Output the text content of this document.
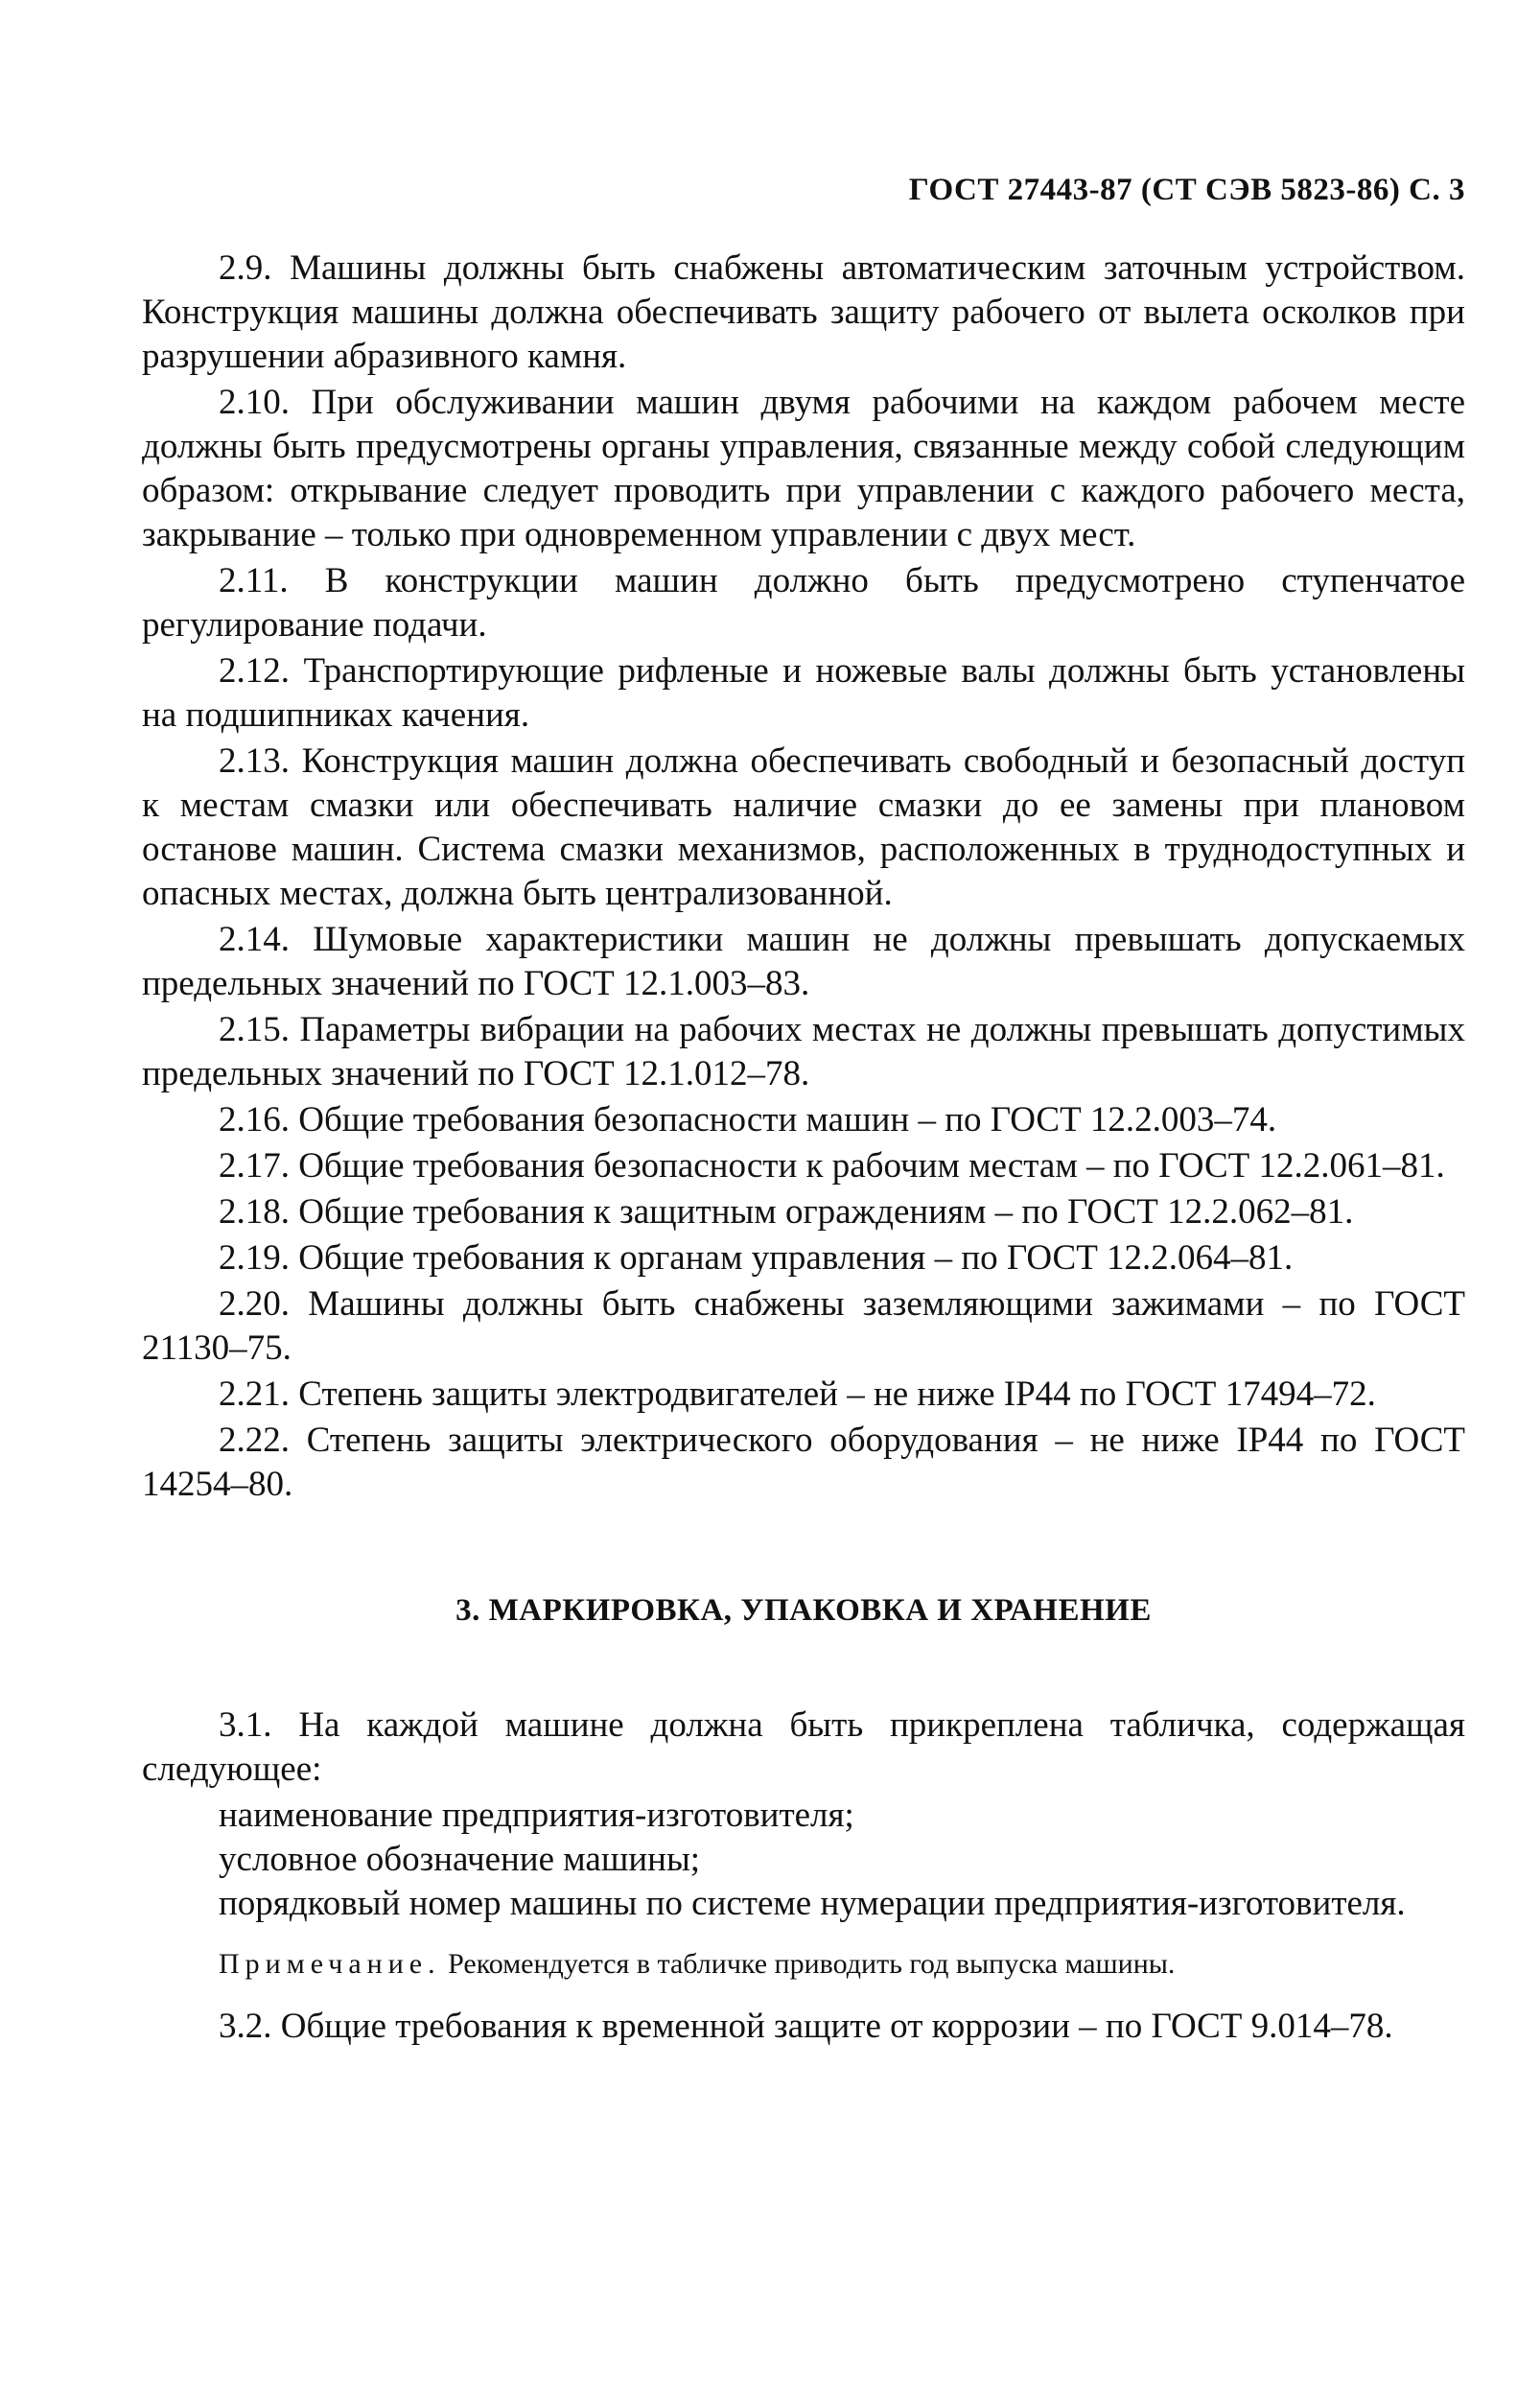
ГОСТ 27443-87 (СТ СЭВ 5823-86) С. 3

2.9. Машины должны быть снабжены автоматическим заточным устройством. Конструкция машины должна обеспечивать защиту рабочего от вылета осколков при разрушении абразивного камня.

2.10. При обслуживании машин двумя рабочими на каждом рабочем месте должны быть предусмотрены органы управления, связанные между собой следующим образом: открывание следует проводить при управлении с каждого рабочего места, закрывание – только при одновременном управлении с двух мест.

2.11. В конструкции машин должно быть предусмотрено ступенчатое регулирование подачи.

2.12. Транспортирующие рифленые и ножевые валы должны быть установлены на подшипниках качения.

2.13. Конструкция машин должна обеспечивать свободный и безопасный доступ к местам смазки или обеспечивать наличие смазки до ее замены при плановом останове машин. Система смазки механизмов, расположенных в труднодоступных и опасных местах, должна быть централизованной.

2.14. Шумовые характеристики машин не должны превышать допускаемых предельных значений по ГОСТ 12.1.003–83.

2.15. Параметры вибрации на рабочих местах не должны превышать допустимых предельных значений по ГОСТ 12.1.012–78.

2.16. Общие требования безопасности машин – по ГОСТ 12.2.003–74.

2.17. Общие требования безопасности к рабочим местам – по ГОСТ 12.2.061–81.

2.18. Общие требования к защитным ограждениям – по ГОСТ 12.2.062–81.

2.19. Общие требования к органам управления – по ГОСТ 12.2.064–81.

2.20. Машины должны быть снабжены заземляющими зажимами – по ГОСТ 21130–75.

2.21. Степень защиты электродвигателей – не ниже IP44 по ГОСТ 17494–72.

2.22. Степень защиты электрического оборудования – не ниже IP44 по ГОСТ 14254–80.

3. МАРКИРОВКА, УПАКОВКА И ХРАНЕНИЕ

3.1. На каждой машине должна быть прикреплена табличка, содержащая следующее:

наименование предприятия-изготовителя;
условное обозначение машины;
порядковый номер машины по системе нумерации предприятия-изготовителя.
Примечание. Рекомендуется в табличке приводить год выпуска машины.

3.2. Общие требования к временной защите от коррозии – по ГОСТ 9.014–78.
